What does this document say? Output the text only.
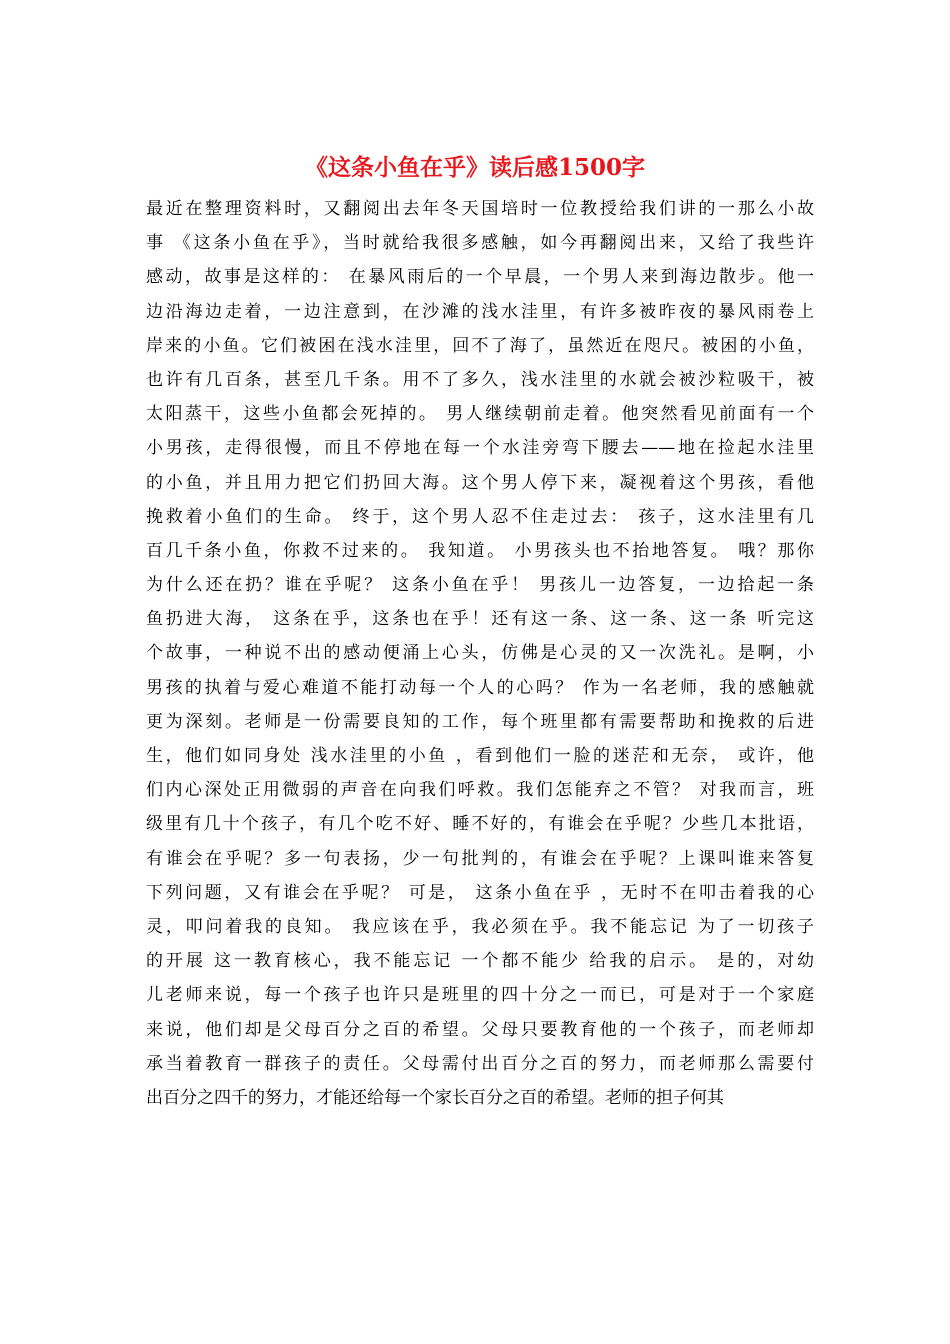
《这条小鱼在乎》读后感1500字
最近在整理资料时，又翻阅出去年冬天国培时一位教授给我们讲的一那么小故
事 《这条小鱼在乎》，当时就给我很多感触，如今再翻阅出来，又给了我些许
感动，故事是这样的： 在暴风雨后的一个早晨，一个男人来到海边散步。他一
边沿海边走着，一边注意到，在沙滩的浅水洼里，有许多被昨夜的暴风雨卷上
岸来的小鱼。它们被困在浅水洼里，回不了海了，虽然近在咫尺。被困的小鱼，
也许有几百条，甚至几千条。用不了多久，浅水洼里的水就会被沙粒吸干，被
太阳蒸干，这些小鱼都会死掉的。 男人继续朝前走着。他突然看见前面有一个
小男孩，走得很慢，而且不停地在每一个水洼旁弯下腰去——地在捡起水洼里
的小鱼，并且用力把它们扔回大海。这个男人停下来，凝视着这个男孩，看他
挽救着小鱼们的生命。 终于，这个男人忍不住走过去： 孩子，这水洼里有几
百几千条小鱼，你救不过来的。 我知道。 小男孩头也不抬地答复。 哦？那你
为什么还在扔？谁在乎呢？ 这条小鱼在乎！ 男孩儿一边答复，一边拾起一条
鱼扔进大海， 这条在乎，这条也在乎！还有这一条、这一条、这一条 听完这
个故事，一种说不出的感动便涌上心头，仿佛是心灵的又一次洗礼。是啊，小
男孩的执着与爱心难道不能打动每一个人的心吗？ 作为一名老师，我的感触就
更为深刻。老师是一份需要良知的工作，每个班里都有需要帮助和挽救的后进
生，他们如同身处 浅水洼里的小鱼 ，看到他们一脸的迷茫和无奈， 或许，他
们内心深处正用微弱的声音在向我们呼救。我们怎能弃之不管？ 对我而言，班
级里有几十个孩子，有几个吃不好、睡不好的，有谁会在乎呢？少些几本批语，
有谁会在乎呢？多一句表扬，少一句批判的，有谁会在乎呢？上课叫谁来答复
下列问题，又有谁会在乎呢？ 可是， 这条小鱼在乎 ，无时不在叩击着我的心
灵，叩问着我的良知。 我应该在乎，我必须在乎。我不能忘记 为了一切孩子
的开展 这一教育核心，我不能忘记 一个都不能少 给我的启示。 是的，对幼
儿老师来说，每一个孩子也许只是班里的四十分之一而已，可是对于一个家庭
来说，他们却是父母百分之百的希望。父母只要教育他的一个孩子，而老师却
承当着教育一群孩子的责任。父母需付出百分之百的努力，而老师那么需要付
出百分之四千的努力，才能还给每一个家长百分之百的希望。老师的担子何其
